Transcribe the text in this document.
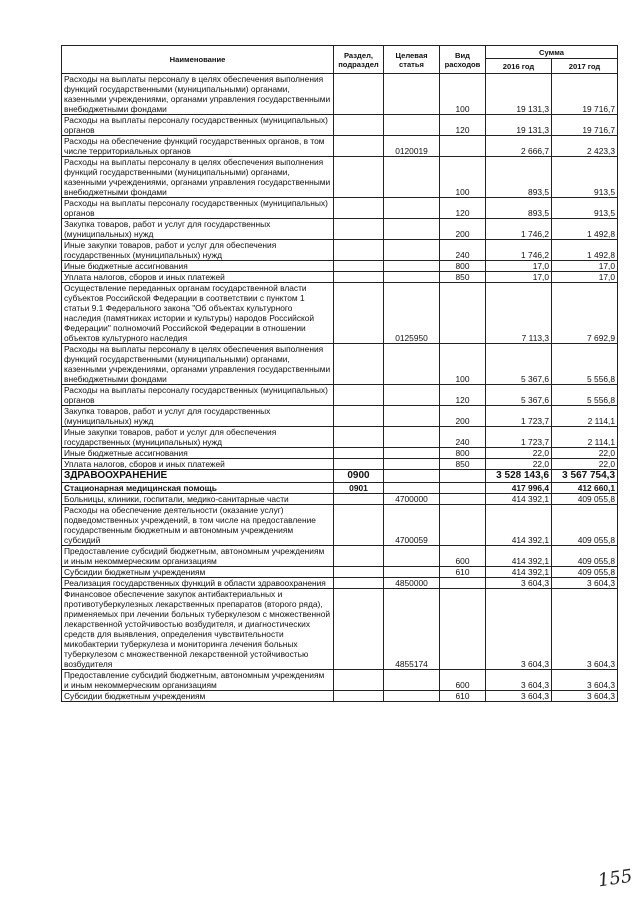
Наименование	Раздел, подраздел	Целевая статья	Вид расходов	Сумма	
				2016 год	2017 год
Расходы на выплаты персоналу в целях обеспечения выполнения функций государственными (муниципальными) органами, казенными учреждениями, органами управления государственными внебюджетными фондами			100	19 131,3	19 716,7
Расходы на выплаты персоналу государственных (муниципальных) органов			120	19 131,3	19 716,7
Расходы на обеспечение функций государственных органов, в том числе территориальных органов		0120019		2 666,7	2 423,3
Расходы на выплаты персоналу в целях обеспечения выполнения функций государственными (муниципальными) органами, казенными учреждениями, органами управления государственными внебюджетными фондами			100	893,5	913,5
Расходы на выплаты персоналу государственных (муниципальных) органов			120	893,5	913,5
Закупка товаров, работ и услуг для государственных (муниципальных) нужд			200	1 746,2	1 492,8
Иные закупки товаров, работ и услуг для обеспечения государственных (муниципальных) нужд			240	1 746,2	1 492,8
Иные бюджетные ассигнования			800	17,0	17,0
Уплата налогов, сборов и иных платежей			850	17,0	17,0
Осуществление переданных органам государственной власти субъектов Российской Федерации в соответствии с пунктом 1 статьи 9.1 Федерального закона "Об объектах культурного наследия (памятниках истории и культуры) народов Российской Федерации" полномочий Российской Федерации в отношении объектов культурного наследия		0125950		7 113,3	7 692,9
Расходы на выплаты персоналу в целях обеспечения выполнения функций государственными (муниципальными) органами, казенными учреждениями, органами управления государственными внебюджетными фондами			100	5 367,6	5 556,8
Расходы на выплаты персоналу государственных (муниципальных) органов			120	5 367,6	5 556,8
Закупка товаров, работ и услуг для государственных (муниципальных) нужд			200	1 723,7	2 114,1
Иные закупки товаров, работ и услуг для обеспечения государственных (муниципальных) нужд			240	1 723,7	2 114,1
Иные бюджетные ассигнования			800	22,0	22,0
Уплата налогов, сборов и иных платежей			850	22,0	22,0
ЗДРАВООХРАНЕНИЕ	0900			3 528 143,6	3 567 754,3
Стационарная медицинская помощь	0901			417 996,4	412 660,1
Больницы, клиники, госпитали, медико-санитарные части		4700000		414 392,1	409 055,8
Расходы на обеспечение деятельности (оказание услуг) подведомственных учреждений, в том числе на предоставление государственным бюджетным и автономным учреждениям субсидий		4700059		414 392,1	409 055,8
Предоставление субсидий бюджетным, автономным учреждениям и иным некоммерческим организациям			600	414 392,1	409 055,8
Субсидии бюджетным учреждениям			610	414 392,1	409 055,8
Реализация государственных функций в области здравоохранения		4850000		3 604,3	3 604,3
Финансовое обеспечение закупок антибактериальных и противотуберкулезных лекарственных препаратов (второго ряда), применяемых при лечении больных туберкулезом с множественной лекарственной устойчивостью возбудителя, и диагностических средств для выявления, определения чувствительности микобактерии туберкулеза и мониторинга лечения больных туберкулезом с множественной лекарственной устойчивостью возбудителя		4855174		3 604,3	3 604,3
Предоставление субсидий бюджетным, автономным учреждениям и иным некоммерческим организациям			600	3 604,3	3 604,3
Субсидии бюджетным учреждениям			610	3 604,3	3 604,3
155
